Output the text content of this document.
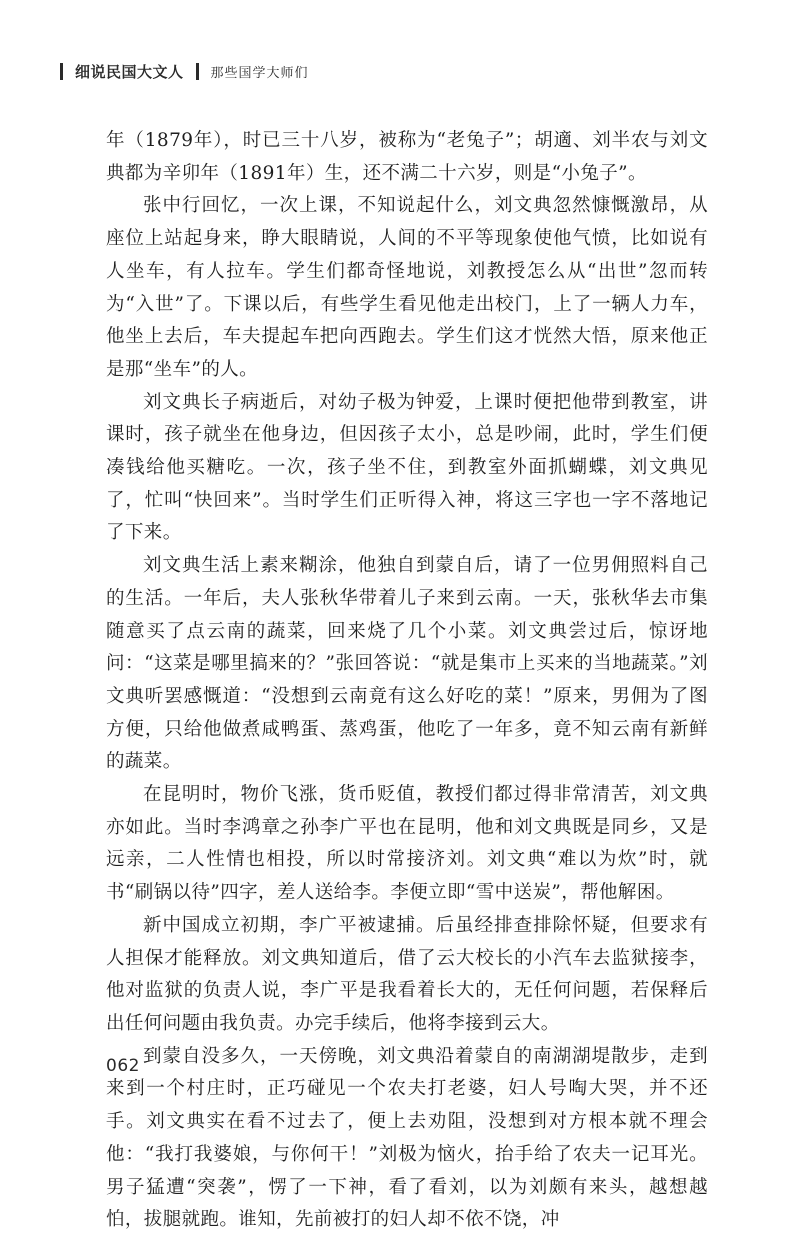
细说民国大文人 那些国学大师们

年（1879年），时已三十八岁，被称为“老兔子”；胡適、刘半农与刘文典都为辛卯年（1891年）生，还不满二十六岁，则是“小兔子”。

张中行回忆，一次上课，不知说起什么，刘文典忽然慷慨激昂，从座位上站起身来，睁大眼睛说，人间的不平等现象使他气愤，比如说有人坐车，有人拉车。学生们都奇怪地说，刘教授怎么从“出世”忽而转为“入世”了。下课以后，有些学生看见他走出校门，上了一辆人力车，他坐上去后，车夫提起车把向西跑去。学生们这才恍然大悟，原来他正是那“坐车”的人。

刘文典长子病逝后，对幼子极为钟爱，上课时便把他带到教室，讲课时，孩子就坐在他身边，但因孩子太小，总是吵闹，此时，学生们便凑钱给他买糖吃。一次，孩子坐不住，到教室外面抓蝴蝶，刘文典见了，忙叫“快回来”。当时学生们正听得入神，将这三字也一字不落地记了下来。

刘文典生活上素来糊涂，他独自到蒙自后，请了一位男佣照料自己的生活。一年后，夫人张秋华带着儿子来到云南。一天，张秋华去市集随意买了点云南的蔬菜，回来烧了几个小菜。刘文典尝过后，惊讶地问：“这菜是哪里搞来的？”张回答说：“就是集市上买来的当地蔬菜。”刘文典听罢感慨道：“没想到云南竟有这么好吃的菜！”原来，男佣为了图方便，只给他做煮咸鸭蛋、蒸鸡蛋，他吃了一年多，竟不知云南有新鲜的蔬菜。

在昆明时，物价飞涨，货币贬值，教授们都过得非常清苦，刘文典亦如此。当时李鸿章之孙李广平也在昆明，他和刘文典既是同乡，又是远亲，二人性情也相投，所以时常接济刘。刘文典“难以为炊”时，就书“刷锅以待”四字，差人送给李。李便立即“雪中送炭”，帮他解困。

新中国成立初期，李广平被逮捕。后虽经排查排除怀疑，但要求有人担保才能释放。刘文典知道后，借了云大校长的小汽车去监狱接李，他对监狱的负责人说，李广平是我看着长大的，无任何问题，若保释后出任何问题由我负责。办完手续后，他将李接到云大。

到蒙自没多久，一天傍晚，刘文典沿着蒙自的南湖湖堤散步，走到来到一个村庄时，正巧碰见一个农夫打老婆，妇人号啕大哭，并不还手。刘文典实在看不过去了，便上去劝阻，没想到对方根本就不理会他：“我打我婆娘，与你何干！”刘极为恼火，抬手给了农夫一记耳光。男子猛遭“突袭”，愣了一下神，看了看刘，以为刘颇有来头，越想越怕，拔腿就跑。谁知，先前被打的妇人却不依不饶，冲

062
